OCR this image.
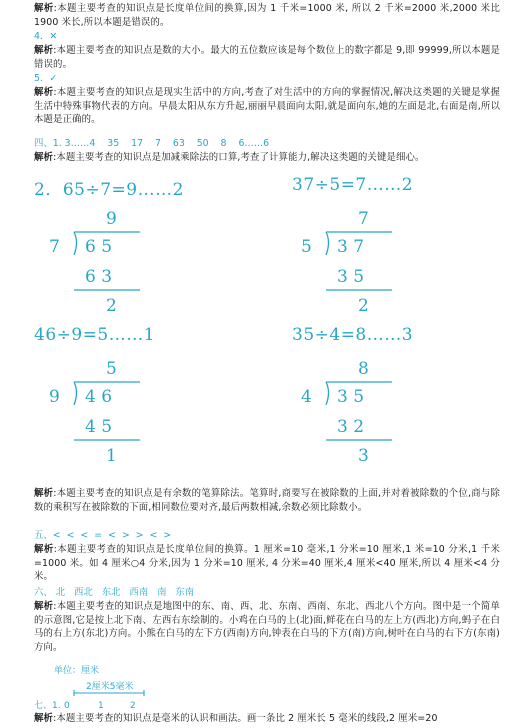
解析:本题主要考查的知识点是长度单位间的换算,因为 1 千米=1000 米, 所以 2 千米=2000 米,2000 米比 1900 米长,所以本题是错误的。
4．✕
解析:本题主要考查的知识点是数的大小。最大的五位数应该是每个数位上的数字都是 9,即 99999,所以本题是错误的。
5．✓
解析:本题主要考查的知识点是现实生活中的方向,考查了对生活中的方向的掌握情况,解决这类题的关键是掌握生活中特殊事物代表的方向。早晨太阳从东方升起,丽丽早晨面向太阳,就是面向东,她的左面是北,右面是南,所以本题是正确的。
四、1. 3……4    35    17    7    63    50    8    6……6
解析:本题主要考查的知识点是加减乘除法的口算,考查了计算能力,解决这类题的关键是细心。
2．65÷7=9……2	37÷5=7……2
9
7 6 5
6 3
2
7
5 3 7
3 5
2
46÷9=5……1	35÷4=8……3
5
9 4 6
4 5
1
8
4 3 5
3 2
3
解析:本题主要考查的知识点是有余数的笔算除法。笔算时,商要写在被除数的上面,并对着被除数的个位,商与除数的乘积写在被除数的下面,相同数位要对齐,最后两数相减,余数必须比除数小。
五、<  <  <  =  <  >  >  <  >
解析:本题主要考查的知识点是长度单位间的换算。1 厘米=10 毫米,1 分米=10 厘米,1 米=10 分米,1 千米=1000 米。如 4 厘米○4 分米,因为 1 分米=10 厘米, 4 分米=40 厘米,4 厘米<40 厘米,所以 4 厘米<4 分米。
六、 北   西北   东北   西南   南   东南
解析:本题主要考查的知识点是地图中的东、南、西、北、东南、西南、东北、西北八个方向。图中是一个简单的示意图,它是按上北下南、左西右东绘制的。小鸡在白马的上(北)面,鲜花在白马的左上方(西北)方向,蚂子在白马的右上方(东北)方向。小熊在白马的左下方(西南)方向,钟表在白马的下方(南)方向,树叶在白马的右下方(东南)方向。
单位：厘米
2厘米5毫米
七、1. 0	1	2
解析:本题主要考查的知识点是毫米的认识和画法。画一条比 2 厘米长 5 毫米的线段,2 厘米=20
